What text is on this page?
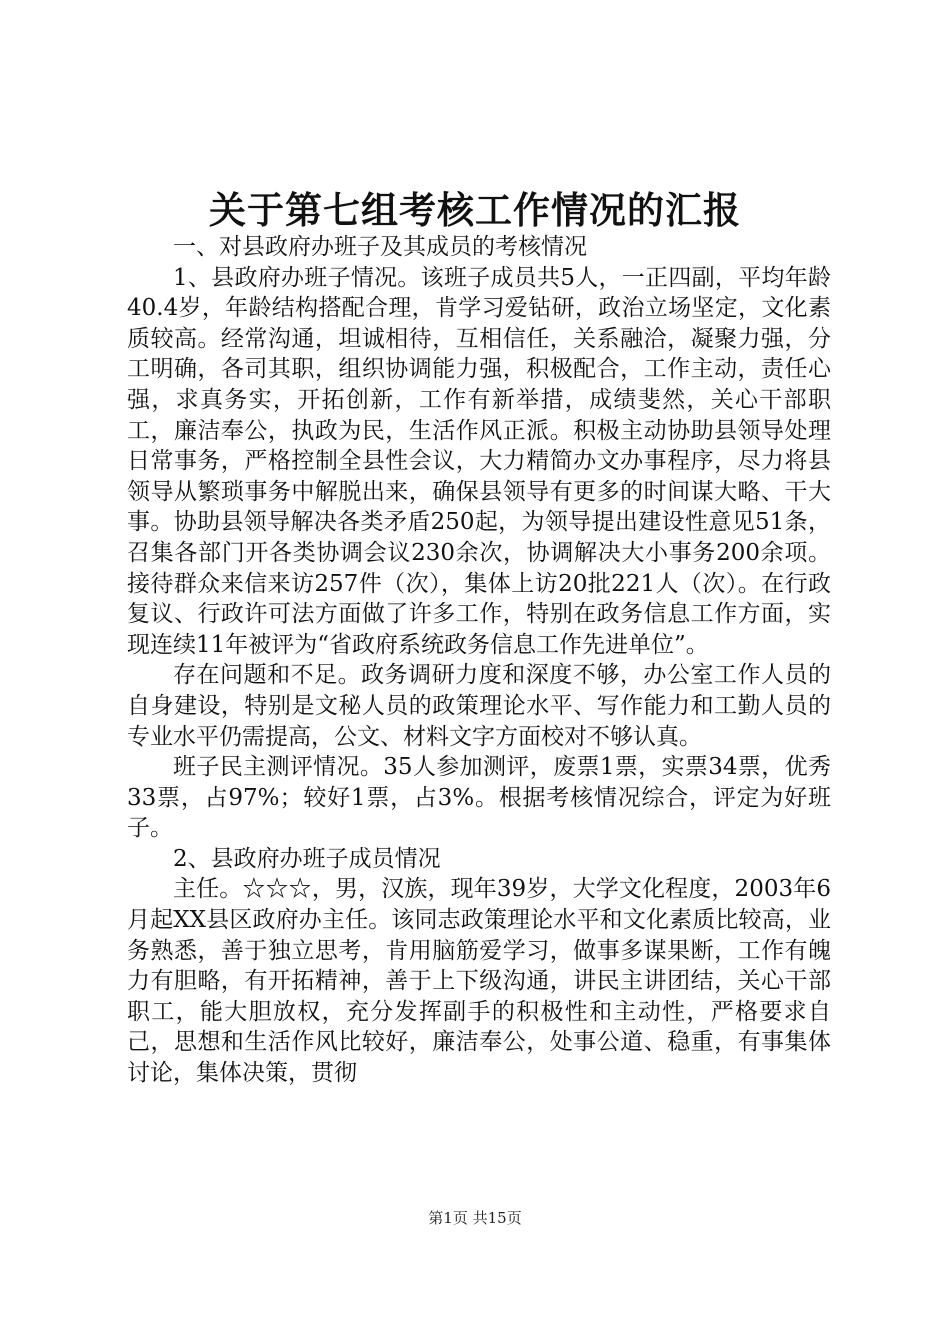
关于第七组考核工作情况的汇报

一、对县政府办班子及其成员的考核情况

1、县政府办班子情况。该班子成员共5人，一正四副，平均年龄40.4岁，年龄结构搭配合理，肯学习爱钻研，政治立场坚定，文化素质较高。经常沟通，坦诚相待，互相信任，关系融洽，凝聚力强，分工明确，各司其职，组织协调能力强，积极配合，工作主动，责任心强，求真务实，开拓创新，工作有新举措，成绩斐然，关心干部职工，廉洁奉公，执政为民，生活作风正派。积极主动协助县领导处理日常事务，严格控制全县性会议，大力精简办文办事程序，尽力将县领导从繁琐事务中解脱出来，确保县领导有更多的时间谋大略、干大事。协助县领导解决各类矛盾250起，为领导提出建设性意见51条，召集各部门开各类协调会议230余次，协调解决大小事务200余项。接待群众来信来访257件（次），集体上访20批221人（次）。在行政复议、行政许可法方面做了许多工作，特别在政务信息工作方面，实现连续11年被评为“省政府系统政务信息工作先进单位”。

存在问题和不足。政务调研力度和深度不够，办公室工作人员的自身建设，特别是文秘人员的政策理论水平、写作能力和工勤人员的专业水平仍需提高，公文、材料文字方面校对不够认真。

班子民主测评情况。35人参加测评，废票1票，实票34票，优秀33票，占97%；较好1票，占3%。根据考核情况综合，评定为好班子。

2、县政府办班子成员情况

主任。☆☆☆，男，汉族，现年39岁，大学文化程度，2003年6月起XX县区政府办主任。该同志政策理论水平和文化素质比较高，业务熟悉，善于独立思考，肯用脑筋爱学习，做事多谋果断，工作有魄力有胆略，有开拓精神，善于上下级沟通，讲民主讲团结，关心干部职工，能大胆放权，充分发挥副手的积极性和主动性，严格要求自己，思想和生活作风比较好，廉洁奉公，处事公道、稳重，有事集体讨论，集体决策，贯彻

第1页 共15页
